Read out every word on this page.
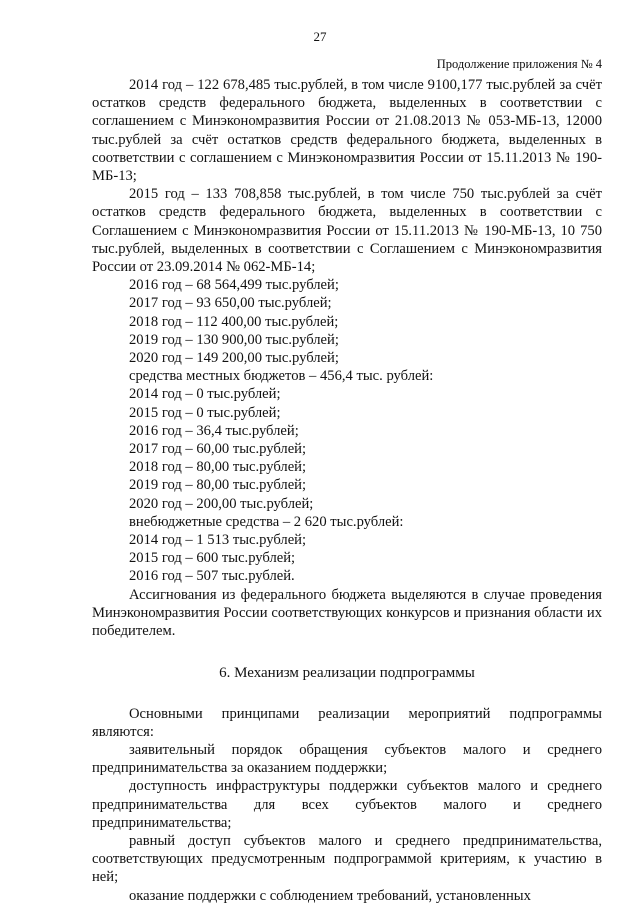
27
Продолжение приложения № 4

2014 год – 122 678,485 тыс.рублей, в том числе 9100,177 тыс.рублей за счёт остатков средств федерального бюджета, выделенных в соответствии с соглашением с Минэкономразвития России от 21.08.2013 № 053-МБ-13, 12000 тыс.рублей за счёт остатков средств федерального бюджета, выделенных в соответствии с соглашением с Минэкономразвития России от 15.11.2013 № 190-МБ-13;

2015 год – 133 708,858 тыс.рублей, в том числе 750 тыс.рублей за счёт остатков средств федерального бюджета, выделенных в соответствии с Соглашением с Минэкономразвития России от 15.11.2013 № 190-МБ-13, 10 750 тыс.рублей, выделенных в соответствии с Соглашением с Минэкономразвития России от 23.09.2014 № 062-МБ-14;

2016 год – 68 564,499 тыс.рублей;

2017 год – 93 650,00 тыс.рублей;

2018 год – 112 400,00 тыс.рублей;

2019 год – 130 900,00 тыс.рублей;

2020 год – 149 200,00 тыс.рублей;

средства местных бюджетов – 456,4 тыс. рублей:

2014 год – 0 тыс.рублей;

2015 год – 0 тыс.рублей;

2016 год – 36,4 тыс.рублей;

2017 год – 60,00 тыс.рублей;

2018 год – 80,00 тыс.рублей;

2019 год – 80,00 тыс.рублей;

2020 год – 200,00 тыс.рублей;

внебюджетные средства – 2 620 тыс.рублей:

2014 год – 1 513 тыс.рублей;

2015 год – 600 тыс.рублей;

2016 год – 507 тыс.рублей.

Ассигнования из федерального бюджета выделяются в случае проведения Минэкономразвития России соответствующих конкурсов и признания области их победителем.

6. Механизм реализации подпрограммы

Основными принципами реализации мероприятий подпрограммы являются:

заявительный порядок обращения субъектов малого и среднего предпринимательства за оказанием поддержки;

доступность инфраструктуры поддержки субъектов малого и среднего предпринимательства для всех субъектов малого и среднего предпринимательства;

равный доступ субъектов малого и среднего предпринимательства, соответствующих предусмотренным подпрограммой критериям, к участию в ней;

оказание поддержки с соблюдением требований, установленных
